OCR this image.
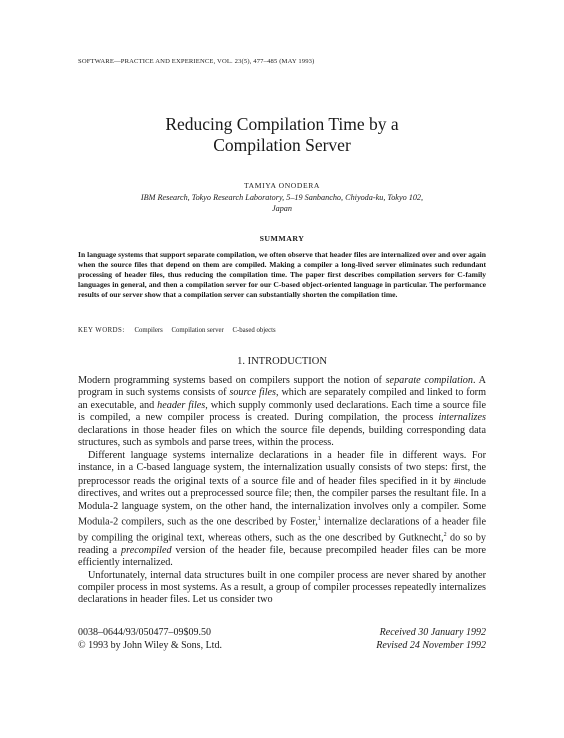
SOFTWARE—PRACTICE AND EXPERIENCE, VOL. 23(5), 477–485 (MAY 1993)
Reducing Compilation Time by a
Compilation Server
TAMIYA ONODERA
IBM Research, Tokyo Research Laboratory, 5–19 Sanbancho, Chiyoda-ku, Tokyo 102,
Japan
SUMMARY
In language systems that support separate compilation, we often observe that header files are internalized over and over again when the source files that depend on them are compiled. Making a compiler a long-lived server eliminates such redundant processing of header files, thus reducing the compilation time. The paper first describes compilation servers for C-family languages in general, and then a compilation server for our C-based object-oriented language in particular. The performance results of our server show that a compilation server can substantially shorten the compilation time.
KEY WORDS: Compilers Compilation server C-based objects
1. INTRODUCTION

Modern programming systems based on compilers support the notion of separate compilation. A program in such systems consists of source files, which are separately compiled and linked to form an executable, and header files, which supply commonly used declarations. Each time a source file is compiled, a new compiler process is created. During compilation, the process internalizes declarations in those header files on which the source file depends, building corresponding data structures, such as symbols and parse trees, within the process.

Different language systems internalize declarations in a header file in different ways. For instance, in a C-based language system, the internalization usually consists of two steps: first, the preprocessor reads the original texts of a source file and of header files specified in it by #include directives, and writes out a preprocessed source file; then, the compiler parses the resultant file. In a Modula-2 language system, on the other hand, the internalization involves only a compiler. Some Modula-2 compilers, such as the one described by Foster,$^1$ internalize declarations of a header file by compiling the original text, whereas others, such as the one described by Gutknecht,$^2$ do so by reading a precompiled version of the header file, because precompiled header files can be more efficiently internalized.

Unfortunately, internal data structures built in one compiler process are never shared by another compiler process in most systems. As a result, a group of compiler processes repeatedly internalizes declarations in header files. Let us consider two

0038–0644/93/050477–09$09.50
© 1993 by John Wiley & Sons, Ltd.
Received 30 January 1992
Revised 24 November 1992
